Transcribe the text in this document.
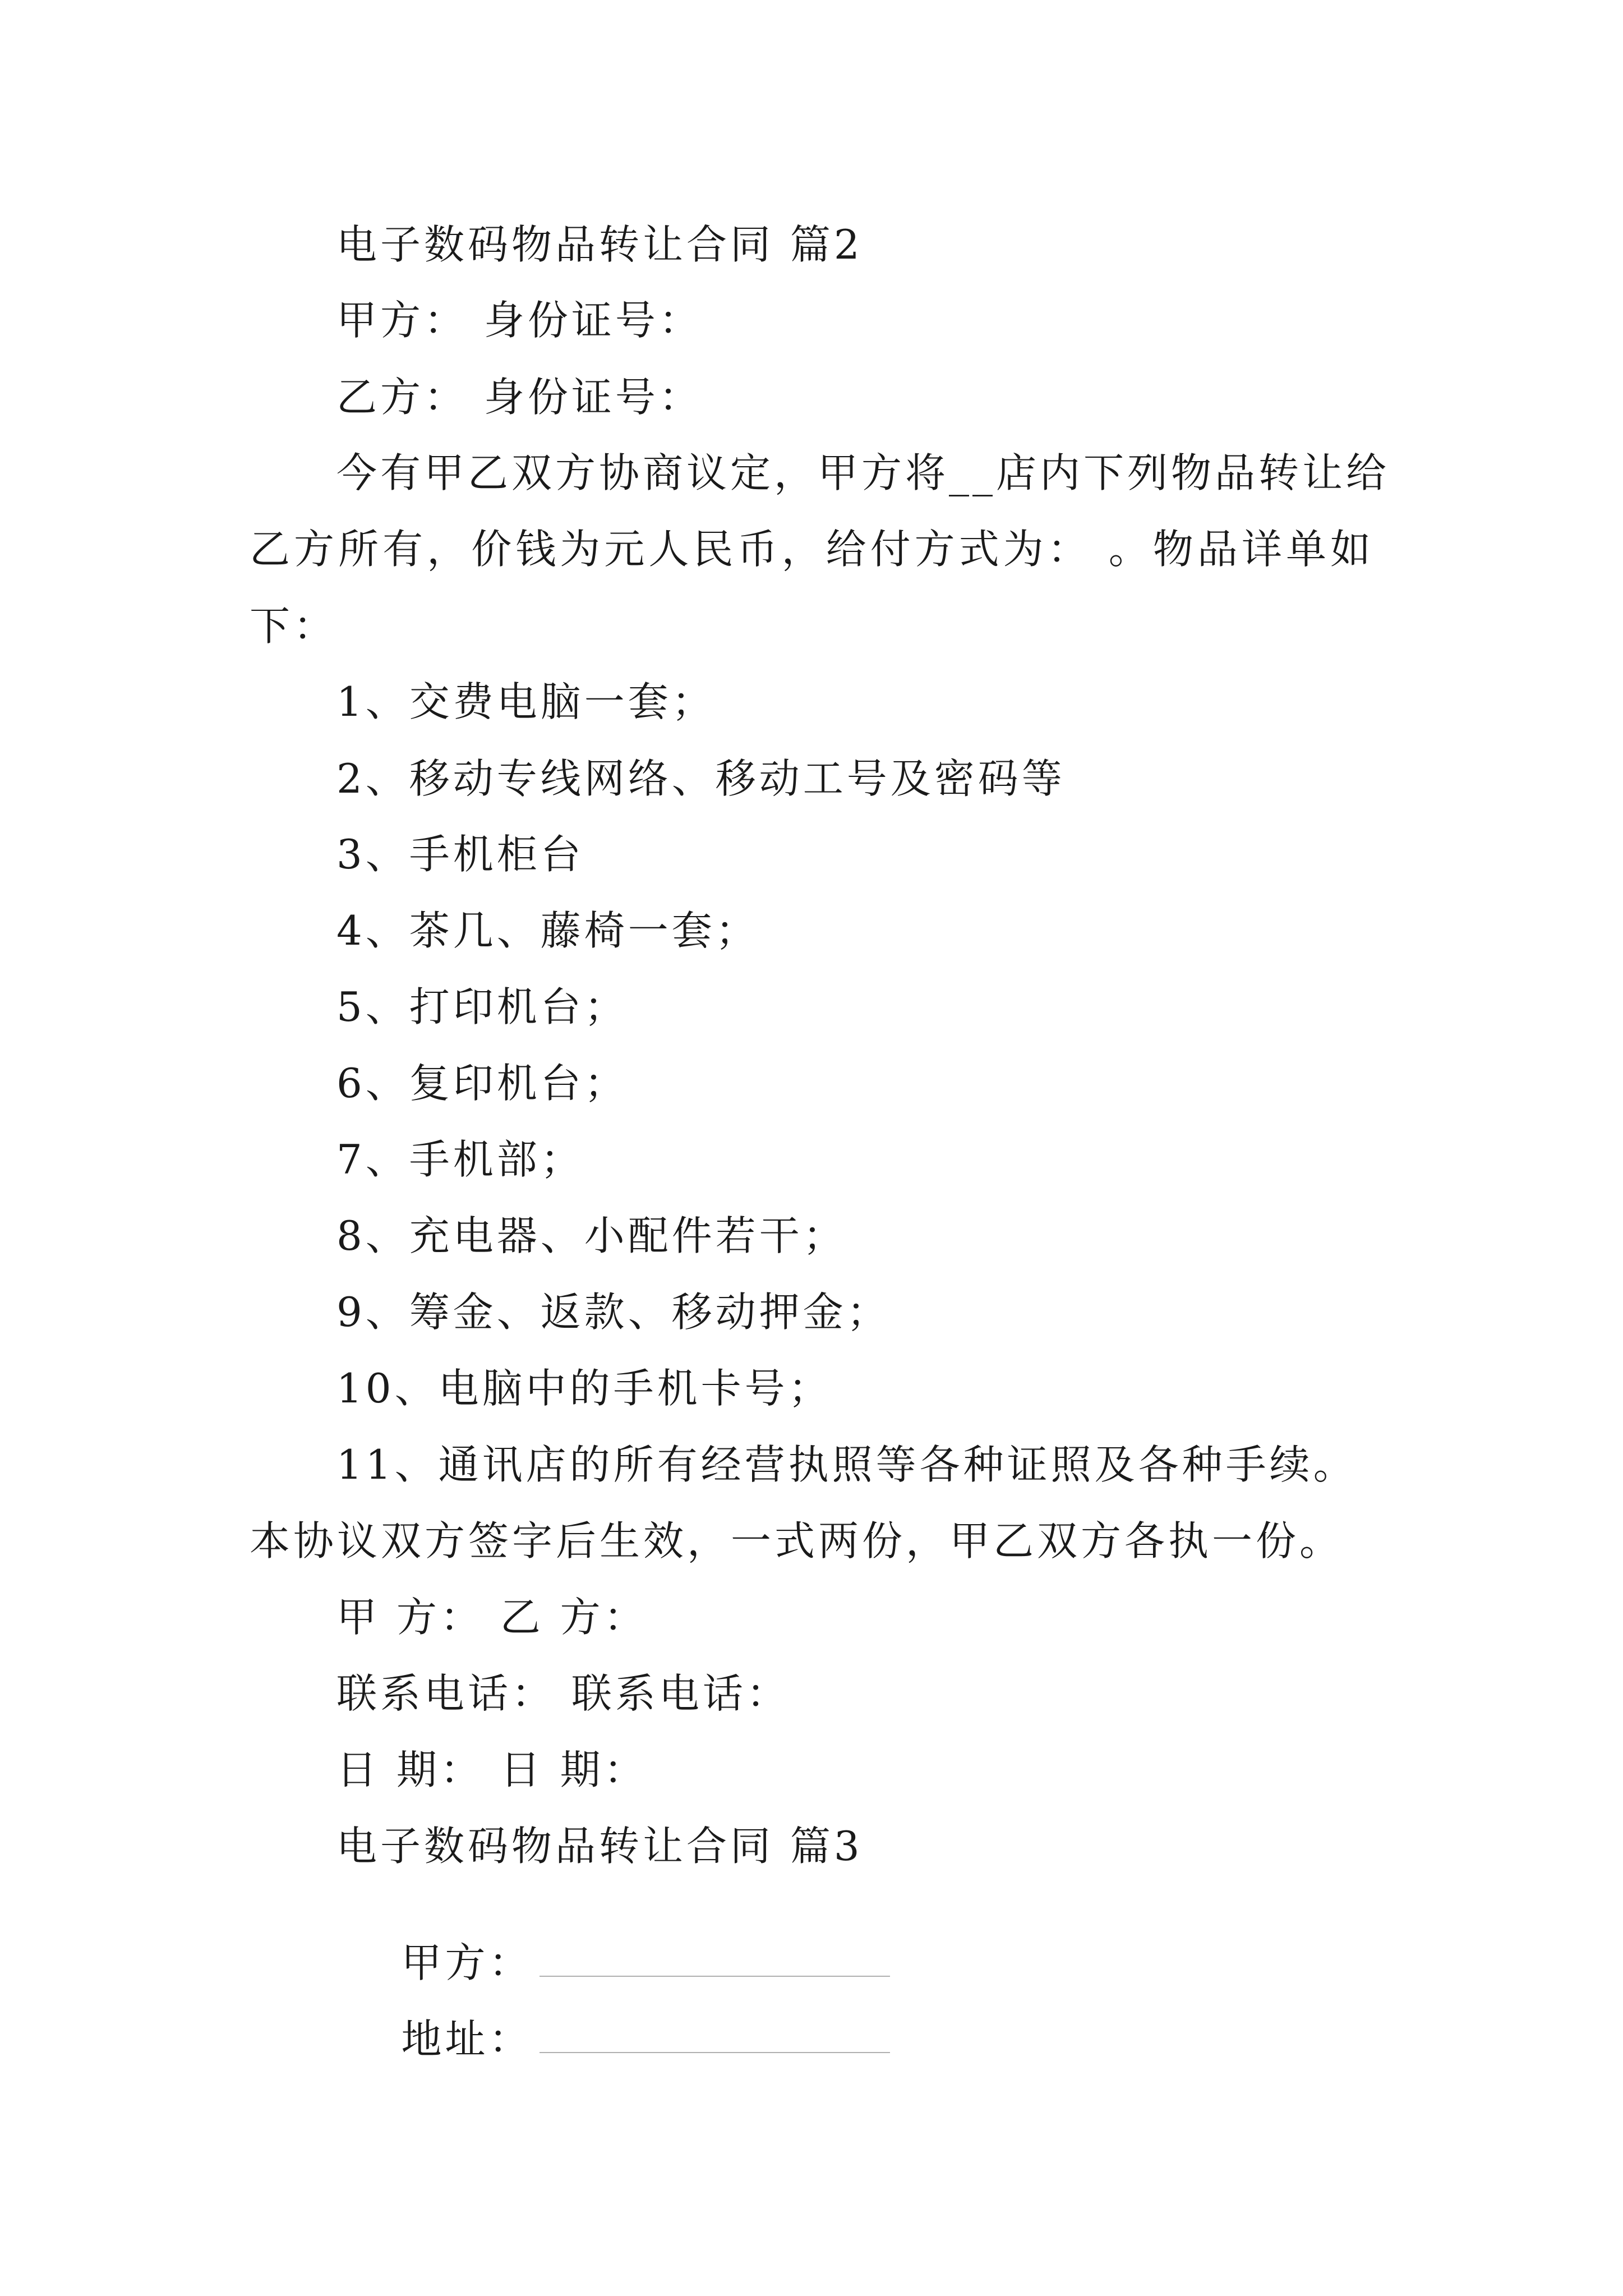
电子数码物品转让合同 篇2
甲方： 身份证号：
乙方： 身份证号：
今有甲乙双方协商议定，甲方将__店内下列物品转让给
乙方所有，价钱为元人民币，给付方式为： 。物品详单如
下：
1、交费电脑一套；
2、移动专线网络、移动工号及密码等
3、手机柜台
4、茶几、藤椅一套；
5、打印机台；
6、复印机台；
7、手机部；
8、充电器、小配件若干；
9、筹金、返款、移动押金；
10、电脑中的手机卡号；
11、通讯店的所有经营执照等各种证照及各种手续。
本协议双方签字后生效，一式两份，甲乙双方各执一份。
甲 方： 乙 方：
联系电话： 联系电话：
日 期： 日 期：
电子数码物品转让合同 篇3

甲方：

地址：
